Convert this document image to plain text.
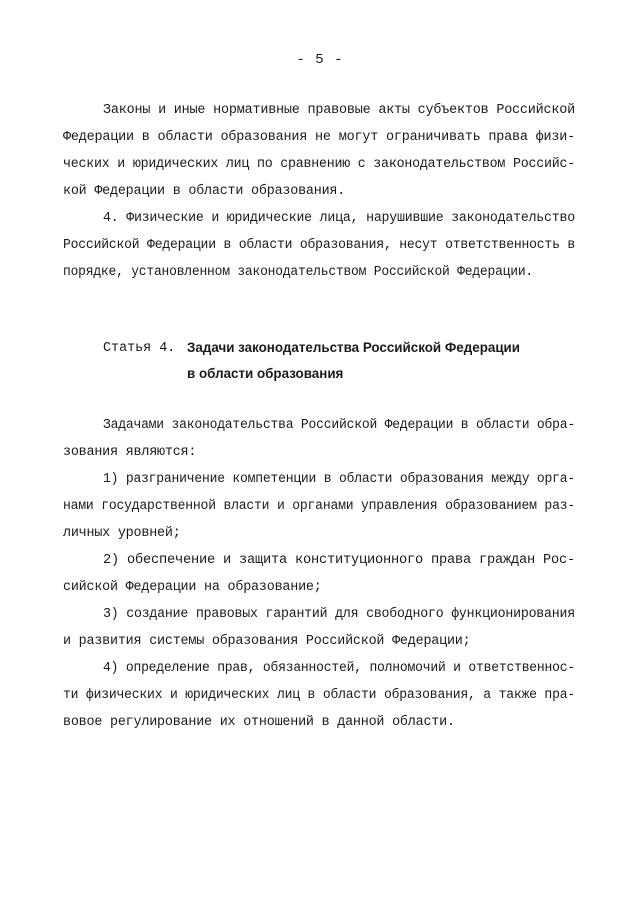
- 5 -
Законы и иные нормативные правовые акты субъектов Российской
Федерации в области образования не могут ограничивать права физи-
ческих и юридических лиц по сравнению с законодательством Российс-
кой Федерации в области образования.
4. Физические и юридические лица, нарушившие законодательство
Российской Федерации в области образования, несут ответственность в
порядке, установленном законодательством Российской Федерации.
Статья 4. Задачи законодательства Российской Федерации
в области образования
Задачами законодательства Российской Федерации в области обра-
зования являются:
1) разграничение компетенции в области образования между орга-
нами государственной власти и органами управления образованием раз-
личных уровней;
2) обеспечение и защита конституционного права граждан Рос-
сийской Федерации на образование;
3) создание правовых гарантий для свободного функционирования
и развития системы образования Российской Федерации;
4) определение прав, обязанностей, полномочий и ответственнос-
ти физических и юридических лиц в области образования, а также пра-
вовое регулирование их отношений в данной области.
